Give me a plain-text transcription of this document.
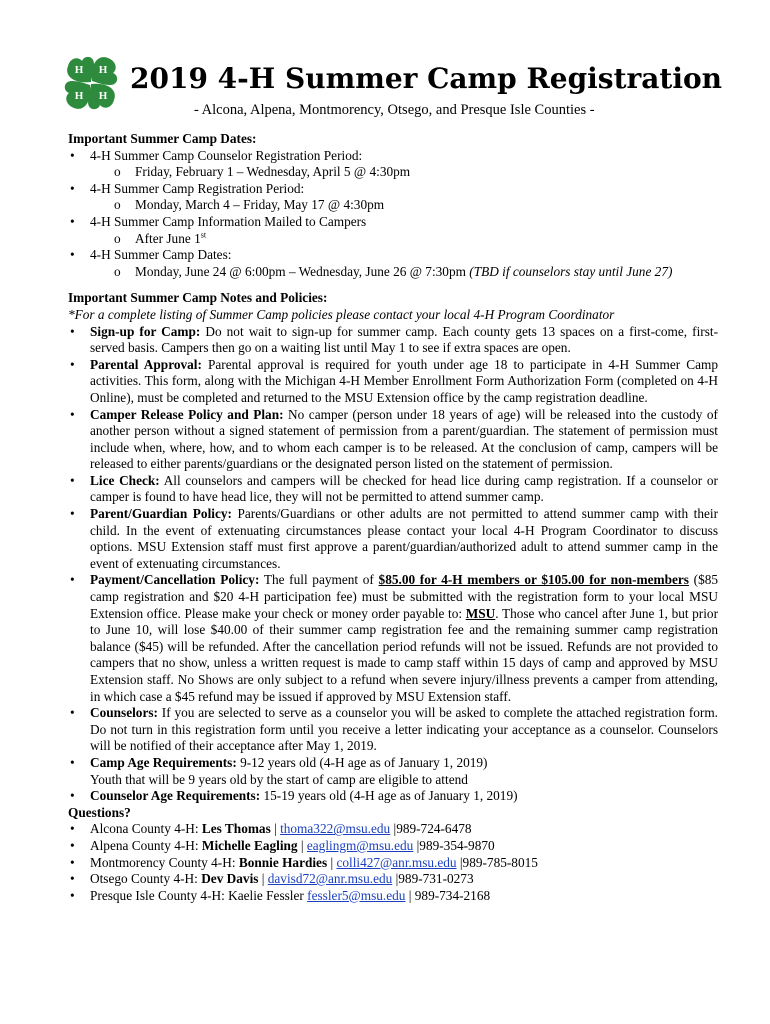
H H
H
H
2019 4-H Summer Camp Registration
- Alcona, Alpena, Montmorency, Otsego, and Presque Isle Counties -
Important Summer Camp Dates:
• 4-H Summer Camp Counselor Registration Period:
o Friday, February 1 – Wednesday, April 5 @ 4:30pm
• 4-H Summer Camp Registration Period:
o Monday, March 4 – Friday, May 17 @ 4:30pm
• 4-H Summer Camp Information Mailed to Campers
o After June 1st
• 4-H Summer Camp Dates:
o Monday, June 24 @ 6:00pm – Wednesday, June 26 @ 7:30pm (TBD if counselors stay until June 27)
Important Summer Camp Notes and Policies:
*For a complete listing of Summer Camp policies please contact your local 4-H Program Coordinator
• Sign-up for Camp: Do not wait to sign-up for summer camp. Each county gets 13 spaces on a first-come, first-served basis. Campers then go on a waiting list until May 1 to see if extra spaces are open.
• Parental Approval: Parental approval is required for youth under age 18 to participate in 4-H Summer Camp activities. This form, along with the Michigan 4-H Member Enrollment Form Authorization Form (completed on 4-H Online), must be completed and returned to the MSU Extension office by the camp registration deadline.
• Camper Release Policy and Plan: No camper (person under 18 years of age) will be released into the custody of another person without a signed statement of permission from a parent/guardian. The statement of permission must include when, where, how, and to whom each camper is to be released. At the conclusion of camp, campers will be released to either parents/guardians or the designated person listed on the statement of permission.
• Lice Check: All counselors and campers will be checked for head lice during camp registration. If a counselor or camper is found to have head lice, they will not be permitted to attend summer camp.
• Parent/Guardian Policy: Parents/Guardians or other adults are not permitted to attend summer camp with their child. In the event of extenuating circumstances please contact your local 4-H Program Coordinator to discuss options. MSU Extension staff must first approve a parent/guardian/authorized adult to attend summer camp in the event of extenuating circumstances.
• Payment/Cancellation Policy: The full payment of $85.00 for 4-H members or $105.00 for non-members ($85 camp registration and $20 4-H participation fee) must be submitted with the registration form to your local MSU Extension office. Please make your check or money order payable to: MSU. Those who cancel after June 1, but prior to June 10, will lose $40.00 of their summer camp registration fee and the remaining summer camp registration balance ($45) will be refunded. After the cancellation period refunds will not be issued. Refunds are not provided to campers that no show, unless a written request is made to camp staff within 15 days of camp and approved by MSU Extension staff. No Shows are only subject to a refund when severe injury/illness prevents a camper from attending, in which case a $45 refund may be issued if approved by MSU Extension staff.
• Counselors: If you are selected to serve as a counselor you will be asked to complete the attached registration form. Do not turn in this registration form until you receive a letter indicating your acceptance as a counselor. Counselors will be notified of their acceptance after May 1, 2019.
• Camp Age Requirements: 9-12 years old (4-H age as of January 1, 2019)
Youth that will be 9 years old by the start of camp are eligible to attend
• Counselor Age Requirements: 15-19 years old (4-H age as of January 1, 2019)
Questions?
• Alcona County 4-H: Les Thomas | thoma322@msu.edu |989-724-6478
• Alpena County 4-H: Michelle Eagling | eaglingm@msu.edu |989-354-9870
• Montmorency County 4-H: Bonnie Hardies | colli427@anr.msu.edu |989-785-8015
• Otsego County 4-H: Dev Davis | davisd72@anr.msu.edu |989-731-0273
• Presque Isle County 4-H: Kaelie Fessler fessler5@msu.edu | 989-734-2168
